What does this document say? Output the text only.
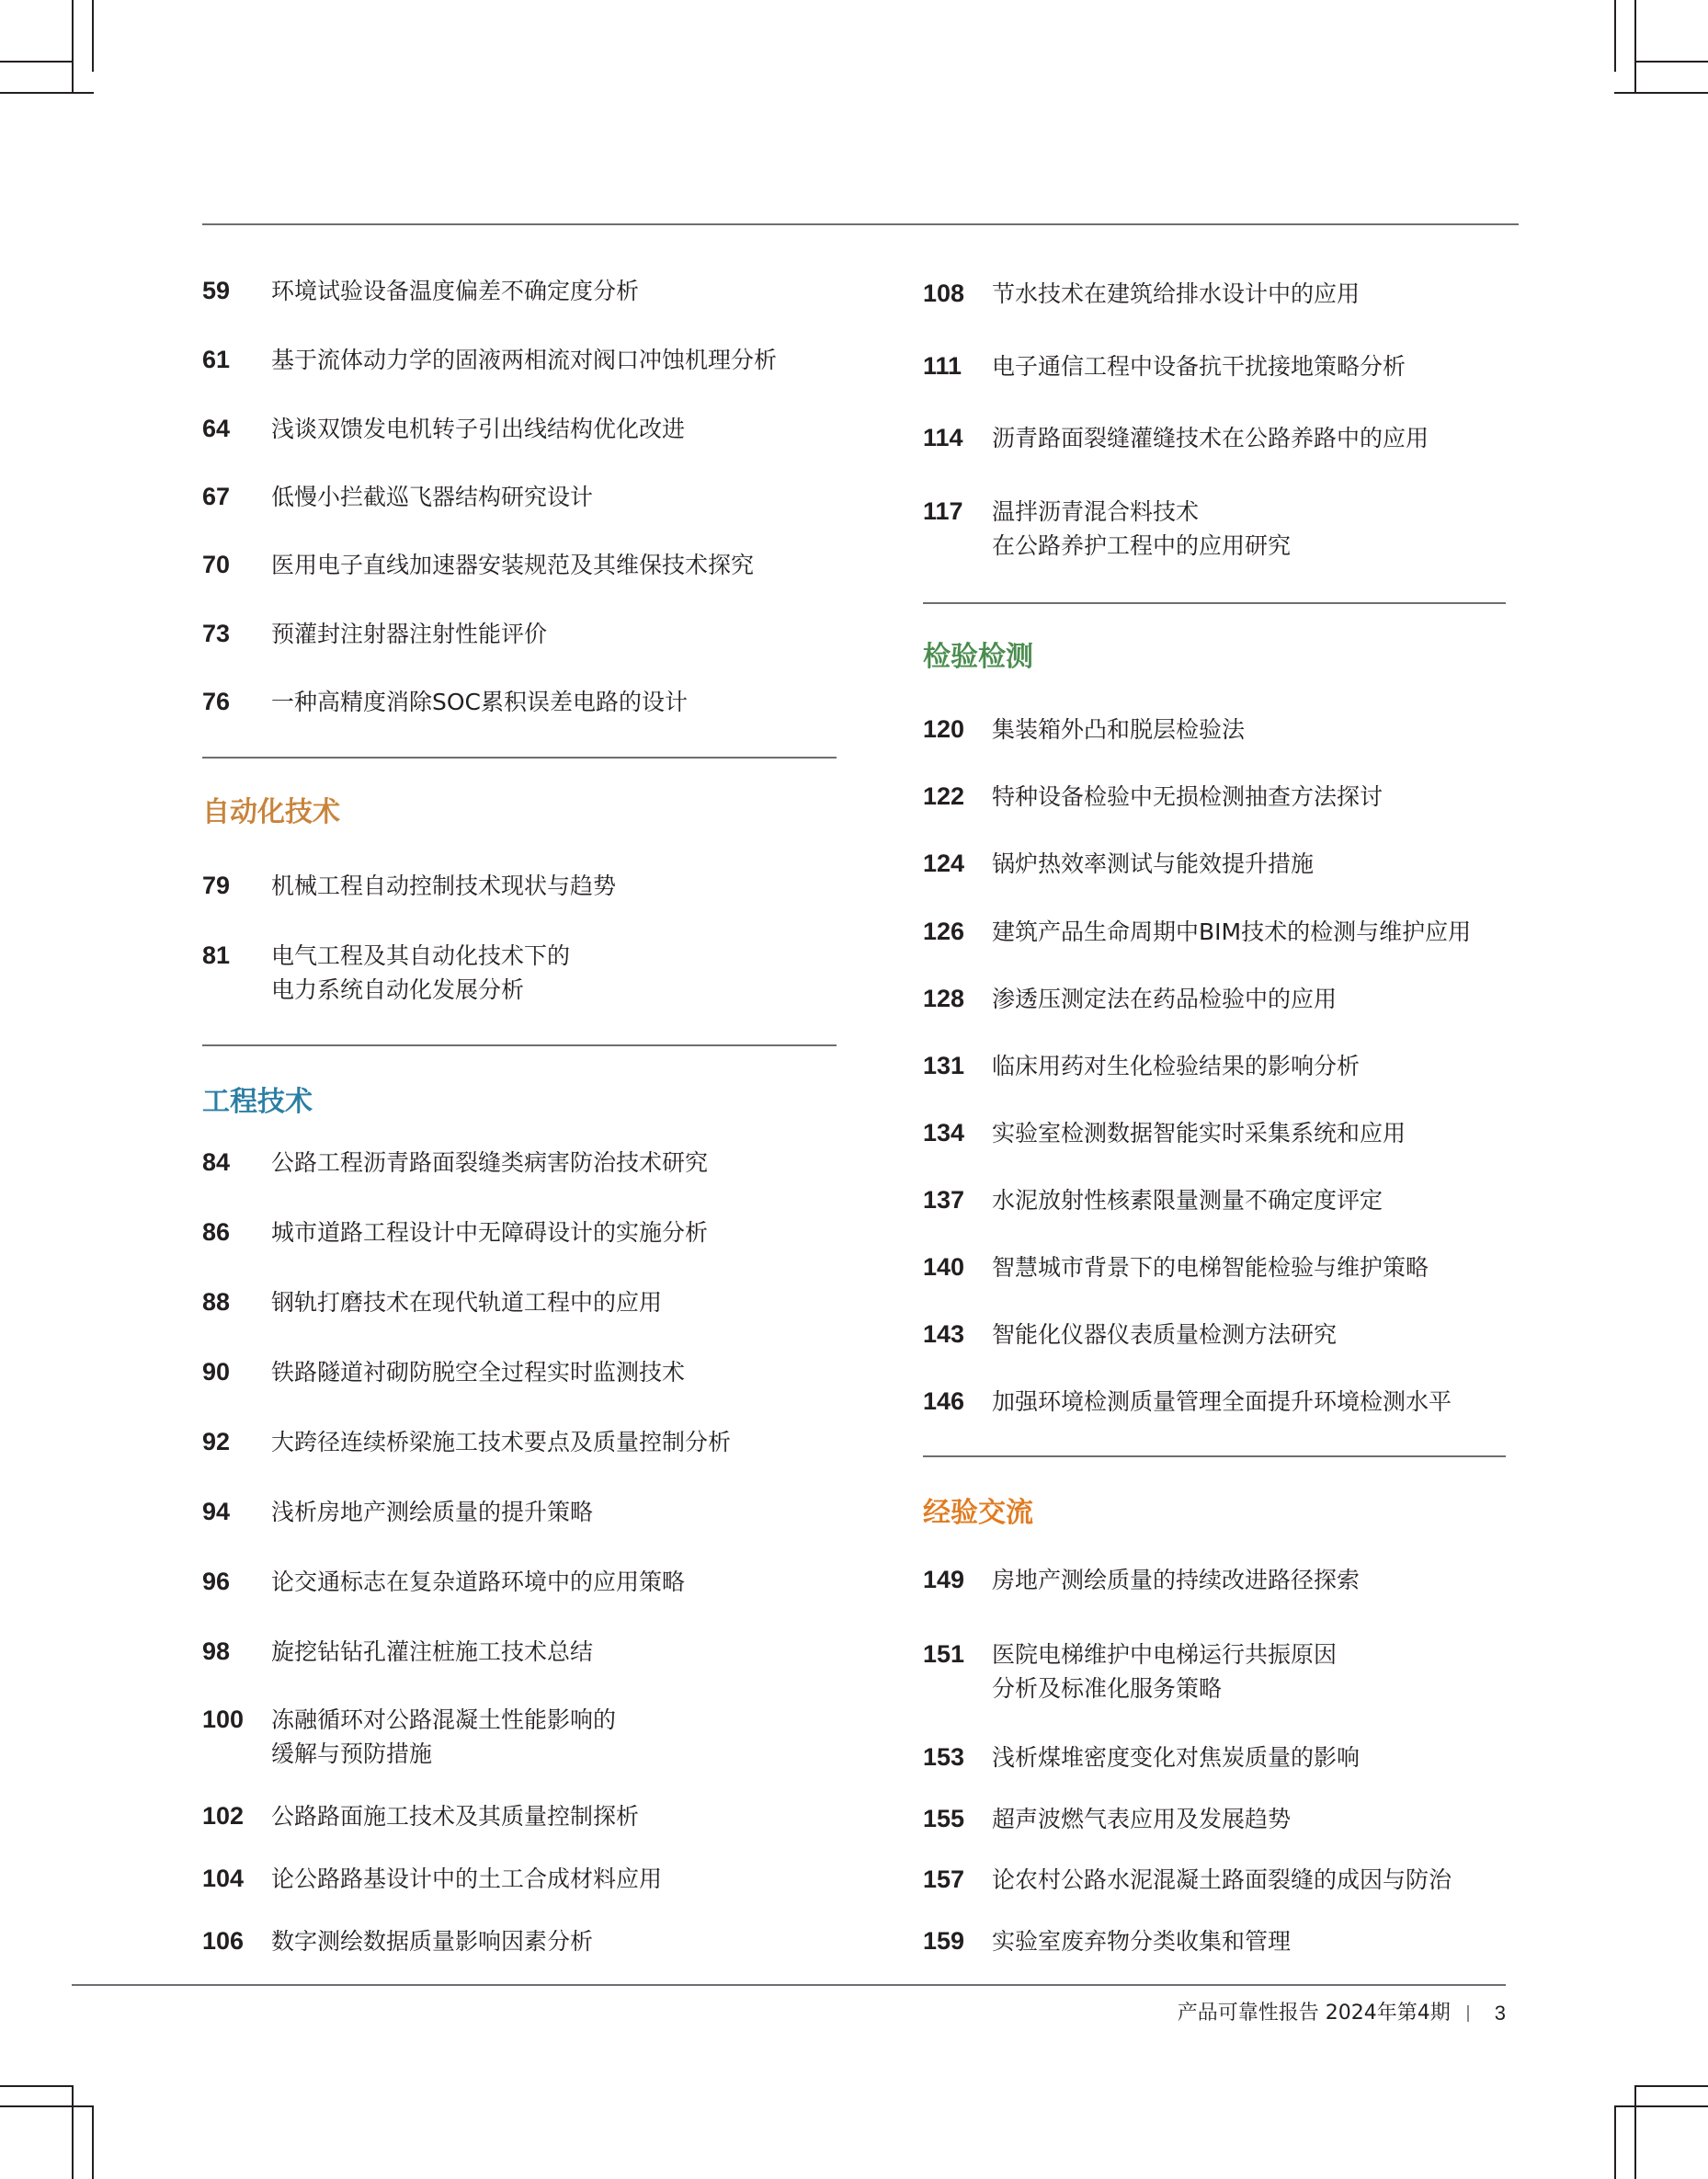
59	环境试验设备温度偏差不确定度分析
61	基于流体动力学的固液两相流对阀口冲蚀机理分析
64	浅谈双馈发电机转子引出线结构优化改进
67	低慢小拦截巡飞器结构研究设计
70	医用电子直线加速器安装规范及其维保技术探究
73	预灌封注射器注射性能评价
76	一种高精度消除SOC累积误差电路的设计
自动化技术
79	机械工程自动控制技术现状与趋势
81	电气工程及其自动化技术下的
电力系统自动化发展分析
工程技术
84	公路工程沥青路面裂缝类病害防治技术研究
86	城市道路工程设计中无障碍设计的实施分析
88	钢轨打磨技术在现代轨道工程中的应用
90	铁路隧道衬砌防脱空全过程实时监测技术
92	大跨径连续桥梁施工技术要点及质量控制分析
94	浅析房地产测绘质量的提升策略
96	论交通标志在复杂道路环境中的应用策略
98	旋挖钻钻孔灌注桩施工技术总结
100	冻融循环对公路混凝土性能影响的
缓解与预防措施
102	公路路面施工技术及其质量控制探析
104	论公路路基设计中的土工合成材料应用
106	数字测绘数据质量影响因素分析
108	节水技术在建筑给排水设计中的应用
111	电子通信工程中设备抗干扰接地策略分析
114	沥青路面裂缝灌缝技术在公路养路中的应用
117	温拌沥青混合料技术
在公路养护工程中的应用研究
检验检测
120	集装箱外凸和脱层检验法
122	特种设备检验中无损检测抽查方法探讨
124	锅炉热效率测试与能效提升措施
126	建筑产品生命周期中BIM技术的检测与维护应用
128	渗透压测定法在药品检验中的应用
131	临床用药对生化检验结果的影响分析
134	实验室检测数据智能实时采集系统和应用
137	水泥放射性核素限量测量不确定度评定
140	智慧城市背景下的电梯智能检验与维护策略
143	智能化仪器仪表质量检测方法研究
146	加强环境检测质量管理全面提升环境检测水平
经验交流
149	房地产测绘质量的持续改进路径探索
151	医院电梯维护中电梯运行共振原因
分析及标准化服务策略
153	浅析煤堆密度变化对焦炭质量的影响
155	超声波燃气表应用及发展趋势
157	论农村公路水泥混凝土路面裂缝的成因与防治
159	实验室废弃物分类收集和管理
产品可靠性报告 2024年第4期 3
